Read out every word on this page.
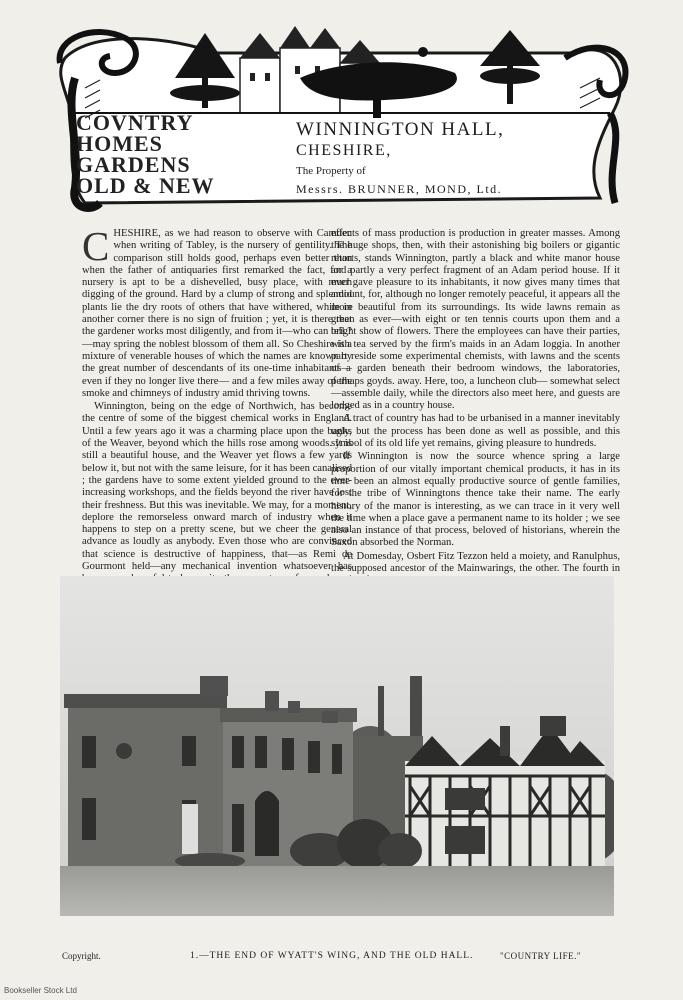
COVNTRY
HOMES
GARDENS
OLD & NEW
WINNINGTON HALL,
CHESHIRE,
The Property of
Messrs. BRUNNER, MOND, Ltd.

CHESHIRE, as we had reason to observe with Camden when writing of Tabley, is the nursery of gentility. The comparison still holds good, perhaps even better than when the father of antiquaries first remarked the fact, for a nursery is apt to be a dishevelled, busy place, with much digging of the ground. Hard by a clump of strong and splendid plants lie the dry roots of others that have withered, while in another corner there is no sign of fruition ; yet, it is there that the gardener works most diligently, and from it—who can tell ?—may spring the noblest blossom of them all. So Cheshire is a mixture of venerable houses of which the names are known by the great number of descendants of its one-time inhabitants—even if they no longer live there— and a few miles away of the smoke and chimneys of industry amid thriving towns.

Winnington, being on the edge of Northwich, has become the centre of some of the biggest chemical works in England. Until a few years ago it was a charming place upon the banks of the Weaver, beyond which the hills rose among woods. It is still a beautiful house, and the Weaver yet flows a few yards below it, but not with the same leisure, for it has been canalised ; the gardens have to some extent yielded ground to the ever-increasing workshops, and the fields beyond the river have lost their freshness. But this was inevitable. We may, for a moment, deplore the remorseless onward march of industry when it happens to step on a pretty scene, but we cheer the general advance as loudly as anybody. Even those who are convinced that science is destructive of happiness, that—as Remi de Gourmont held—any mechanical invention whatsoever has

effects of mass production is production in greater masses. Among the huge shops, then, with their astonishing big boilers or gigantic retorts, stands Winnington, partly a black and white manor house and partly a very perfect fragment of an Adam period house. If it ever gave pleasure to its inhabitants, it now gives many times that amount, for, although no longer remotely peaceful, it appears all the more beautiful from its surroundings. Its wide lawns remain as green as ever—with eight or ten tennis courts upon them and a bright show of flowers. There the employees can have their parties, with tea served by the firm's maids in an Adam loggia. In another part reside some experimental chemists, with lawns and the scents of a garden beneath their bedroom windows, the laboratories, perhaps goyds. away. Here, too, a luncheon club— somewhat select—assemble daily, while the directors also meet here, and guests are lodged as in a country house.

A tract of country has had to be urbanised in a manner inevitably ugly, but the process has been done as well as possible, and this symbol of its old life yet remains, giving pleasure to hundreds.

If Winnington is now the source whence spring a large proportion of our vitally important chemical products, it has in its time been an almost equally productive source of gentle families, for the tribe of Winningtons thence take their name. The early history of the manor is interesting, as we can trace in it very well the time when a place gave a permanent name to its holder ; we see also an instance of that process, beloved of historians, wherein the Saxon absorbed the Norman.

At Domesday, Osbert Fitz Tezzon held a moiety, and Ranulphus, the supposed ancestor of the Mainwarings, the other. The fourth in

Copyright.	1.—THE END OF WYATT'S WING, AND THE OLD HALL.	"COUNTRY LIFE."
Bookseller Stock Ltd
